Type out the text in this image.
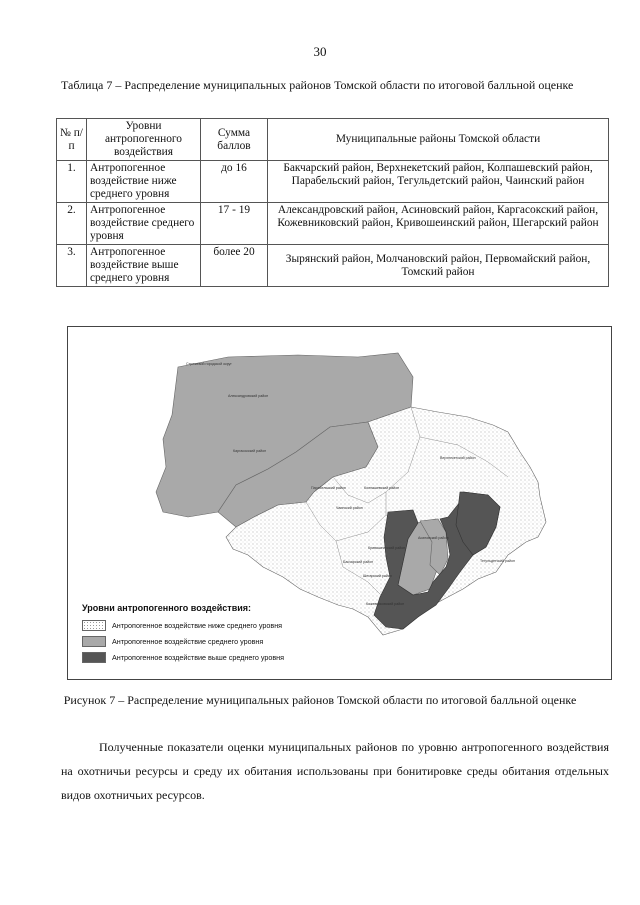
30
Таблица 7 – Распределение муниципальных районов Томской области по итоговой балльной оценке
№ п/п	Уровни антропогенного воздействия	Сумма баллов	Муниципальные районы Томской области
1.	Антропогенное воздействие ниже среднего уровня	до 16	Бакчарский район, Верхнекетский район, Колпашевский район, Парабельский район, Тегульдетский район, Чаинский район
2.	Антропогенное воздействие среднего уровня	17 - 19	Александровский район, Асиновский район, Каргасокский район, Кожевниковский район, Кривошеинский район, Шегарский район
3.	Антропогенное воздействие выше среднего уровня	более 20	Зырянский район, Молчановский район, Первомайский район, Томский район
Стрежевой городской округ
Александровский район
Каргасокский район
Верхнекетский район
Парабельский район	Колпашевский район
Чаинский район
Бакчарский район	Тегульдетский район
Асиновский район
Кривошеинский район
Шегарский район
Кожевниковский район
Уровни антропогенного воздействия:
Антропогенное воздействие ниже среднего уровня
Антропогенное воздействие среднего уровня
Антропогенное воздействие выше среднего уровня
Рисунок 7 – Распределение муниципальных районов Томской области по итоговой балльной оценке
Полученные показатели оценки муниципальных районов по уровню антропогенного воздействия на охотничьи ресурсы и среду их обитания использованы при бонитировке среды обитания отдельных видов охотничьих ресурсов.
